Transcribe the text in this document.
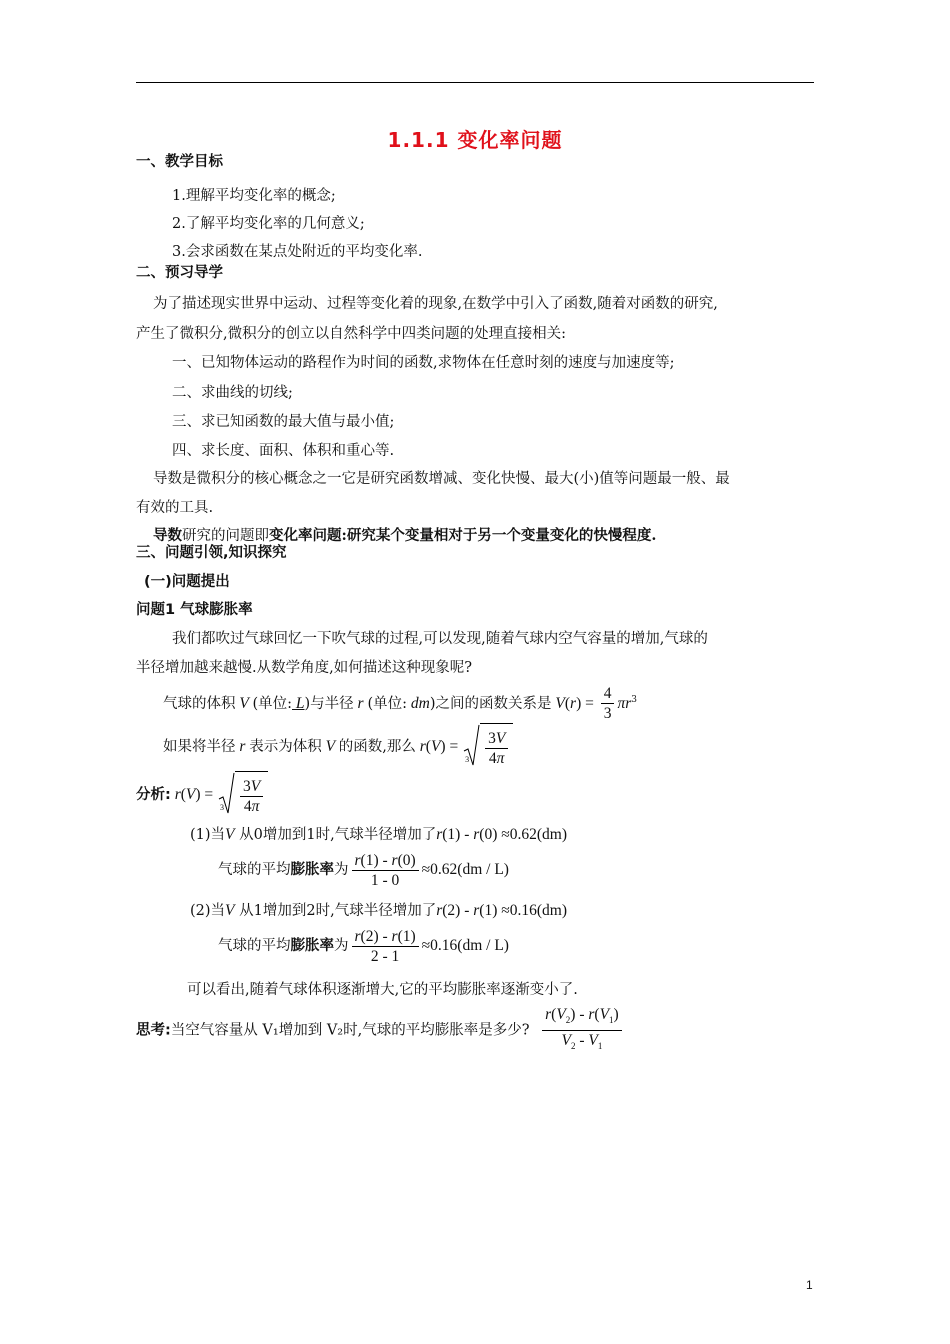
1.1.1 变化率问题
一、教学目标
1.理解平均变化率的概念;
2.了解平均变化率的几何意义;
3.会求函数在某点处附近的平均变化率.
二、预习导学
为了描述现实世界中运动、过程等变化着的现象,在数学中引入了函数,随着对函数的研究,
产生了微积分,微积分的创立以自然科学中四类问题的处理直接相关:
一、已知物体运动的路程作为时间的函数,求物体在任意时刻的速度与加速度等;
二、求曲线的切线;
三、求已知函数的最大值与最小值;
四、求长度、面积、体积和重心等.
导数是微积分的核心概念之一它是研究函数增减、变化快慢、最大(小)值等问题最一般、最
有效的工具.
导数研究的问题即变化率问题:研究某个变量相对于另一个变量变化的快慢程度.
三、问题引领,知识探究
(一)问题提出
问题1 气球膨胀率
我们都吹过气球回忆一下吹气球的过程,可以发现,随着气球内空气容量的增加,气球的
半径增加越来越慢.从数学角度,如何描述这种现象呢?
气球的体积 V (单位: L)与半径 r (单位: dm)之间的函数关系是 $V(r) = \frac{4}{3} \pi r^3$
如果将半径 r 表示为体积 V 的函数,那么 r(V) =
$3 \frac{3V}{4\pi}$
分析: r(V) =
$3 \frac{3V}{4\pi}$
(1)当V 从0增加到1时,气球半径增加了r(1) - r(0) ≈0.62(dm)
气球的平均膨胀率为 $\frac{r(1) - r(0)}{1 - 0} \approx 0.62(dm / L)$
(2)当V 从1增加到2时,气球半径增加了r(2) - r(1) ≈0.16(dm)
气球的平均膨胀率为 $\frac{r(2) - r(1)}{2 - 1} \approx 0.16(dm / L)$
可以看出,随着气球体积逐渐增大,它的平均膨胀率逐渐变小了.
思考:当空气容量从 V₁增加到 V₂时,气球的平均膨胀率是多少? $\frac{r(V_2) - r(V_1)}{V_2 - V_1}$
1
